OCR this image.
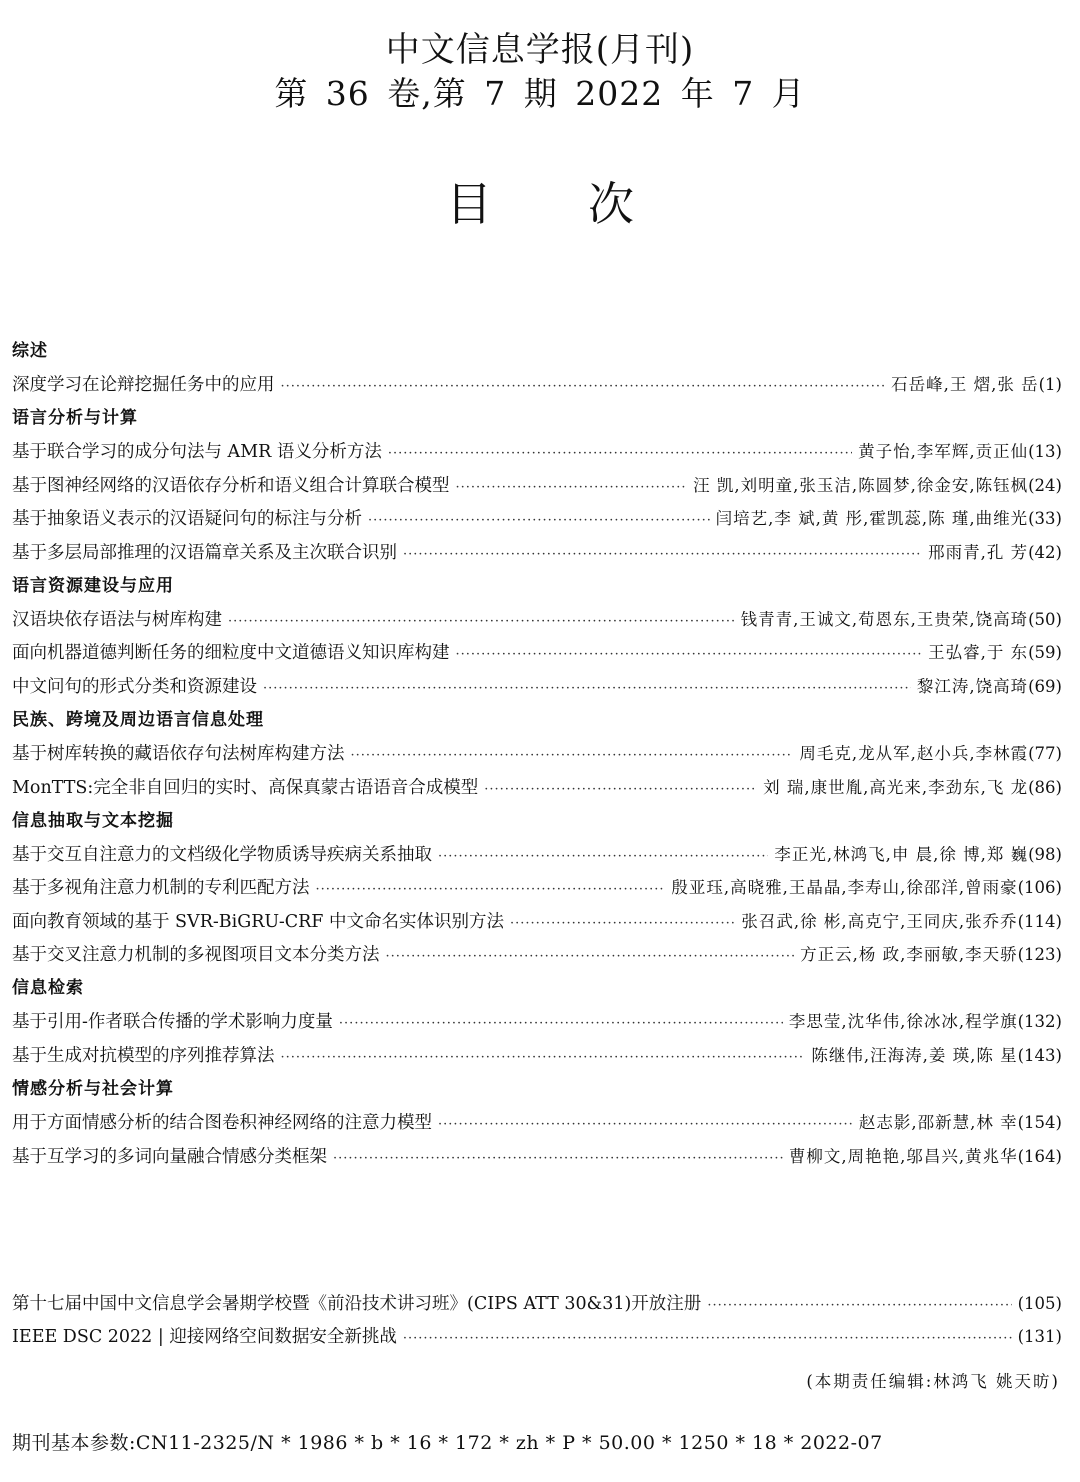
中文信息学报(月刊)
第 36 卷,第 7 期 2022 年 7 月
目 次
综述
深度学习在论辩挖掘任务中的应用 ·····	石岳峰,王 熠,张 岳 (1)
语言分析与计算
基于联合学习的成分句法与 AMR 语义分析方法 ·····	黄子怡,李军辉,贡正仙 (13)
基于图神经网络的汉语依存分析和语义组合计算联合模型 ·····	汪 凯,刘明童,张玉洁,陈圆梦,徐金安,陈钰枫 (24)
基于抽象语义表示的汉语疑问句的标注与分析 ·····	闫培艺,李 斌,黄 彤,霍凯蕊,陈 瑾,曲维光 (33)
基于多层局部推理的汉语篇章关系及主次联合识别 ·····	邢雨青,孔 芳 (42)
语言资源建设与应用
汉语块依存语法与树库构建 ·····	钱青青,王诚文,荀恩东,王贵荣,饶高琦 (50)
面向机器道德判断任务的细粒度中文道德语义知识库构建 ·····	王弘睿,于 东 (59)
中文问句的形式分类和资源建设 ·····	黎江涛,饶高琦 (69)
民族、跨境及周边语言信息处理
基于树库转换的藏语依存句法树库构建方法 ·····	周毛克,龙从军,赵小兵,李林霞 (77)
MonTTS:完全非自回归的实时、高保真蒙古语语音合成模型 ·····	刘 瑞,康世胤,高光来,李劲东,飞 龙 (86)
信息抽取与文本挖掘
基于交互自注意力的文档级化学物质诱导疾病关系抽取 ·····	李正光,林鸿飞,申 晨,徐 博,郑 巍 (98)
基于多视角注意力机制的专利匹配方法 ·····	殷亚珏,高晓雅,王晶晶,李寿山,徐邵洋,曾雨豪 (106)
面向教育领域的基于 SVR-BiGRU-CRF 中文命名实体识别方法 ·····	张召武,徐 彬,高克宁,王同庆,张乔乔 (114)
基于交叉注意力机制的多视图项目文本分类方法 ·····	方正云,杨 政,李丽敏,李天骄 (123)
信息检索
基于引用-作者联合传播的学术影响力度量 ·····	李思莹,沈华伟,徐冰冰,程学旗 (132)
基于生成对抗模型的序列推荐算法 ·····	陈继伟,汪海涛,姜 瑛,陈 星 (143)
情感分析与社会计算
用于方面情感分析的结合图卷积神经网络的注意力模型 ·····	赵志影,邵新慧,林 幸 (154)
基于互学习的多词向量融合情感分类框架 ·····	曹柳文,周艳艳,邬昌兴,黄兆华 (164)
第十七届中国中文信息学会暑期学校暨《前沿技术讲习班》(CIPS ATT 30&31)开放注册 ·····	(105)
IEEE DSC 2022 | 迎接网络空间数据安全新挑战 ·····	(131)
(本期责任编辑:林鸿飞 姚天昉)
期刊基本参数:CN11-2325/N * 1986 * b * 16 * 172 * zh * P * 50.00 * 1250 * 18 * 2022-07
